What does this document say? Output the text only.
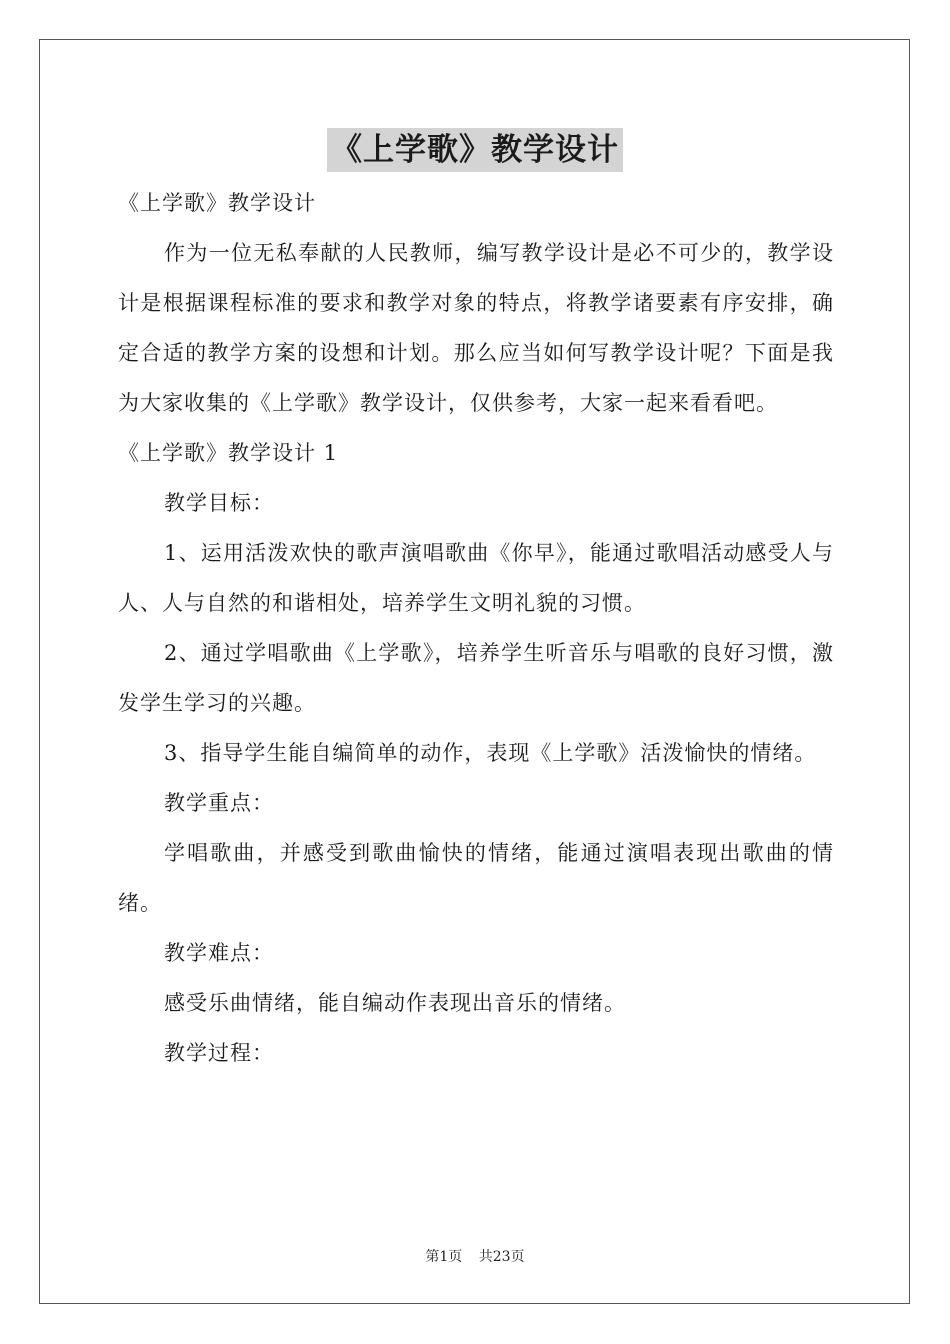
《上学歌》教学设计

《上学歌》教学设计

作为一位无私奉献的人民教师，编写教学设计是必不可少的，教学设计是根据课程标准的要求和教学对象的特点，将教学诸要素有序安排，确定合适的教学方案的设想和计划。那么应当如何写教学设计呢？下面是我为大家收集的《上学歌》教学设计，仅供参考，大家一起来看看吧。

《上学歌》教学设计 1

教学目标：

1、运用活泼欢快的歌声演唱歌曲《你早》，能通过歌唱活动感受人与人、人与自然的和谐相处，培养学生文明礼貌的习惯。

2、通过学唱歌曲《上学歌》，培养学生听音乐与唱歌的良好习惯，激发学生学习的兴趣。

3、指导学生能自编简单的动作，表现《上学歌》活泼愉快的情绪。

教学重点：

学唱歌曲，并感受到歌曲愉快的情绪，能通过演唱表现出歌曲的情绪。

教学难点：

感受乐曲情绪，能自编动作表现出音乐的情绪。

教学过程：

第1页 共23页
